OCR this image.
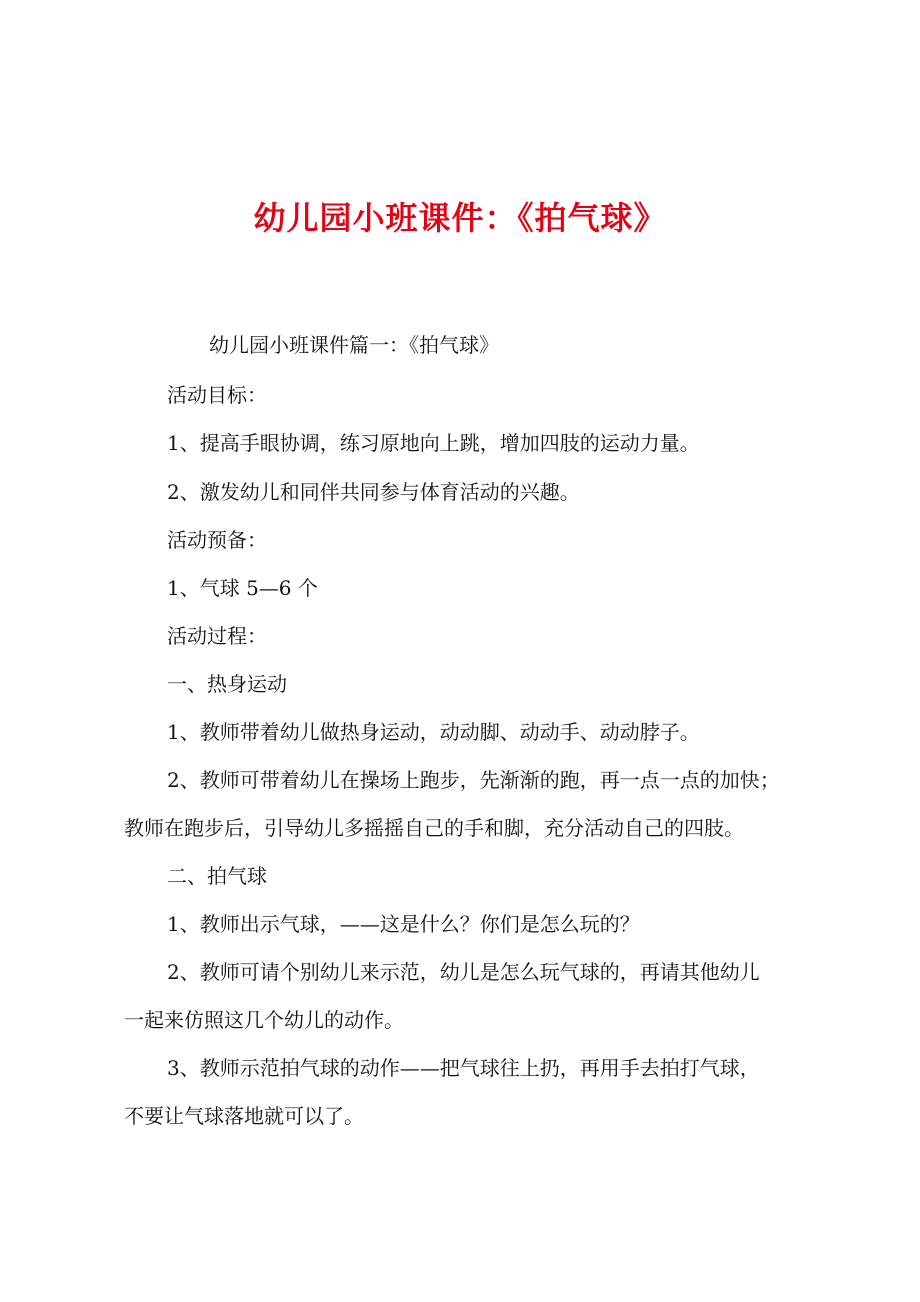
幼儿园小班课件：《拍气球》
幼儿园小班课件篇一：《拍气球》
活动目标：
1、提高手眼协调，练习原地向上跳，增加四肢的运动力量。
2、激发幼儿和同伴共同参与体育活动的兴趣。
活动预备：
1、气球 5—6 个
活动过程：
一、热身运动
1、教师带着幼儿做热身运动，动动脚、动动手、动动脖子。
2、教师可带着幼儿在操场上跑步，先渐渐的跑，再一点一点的加快；
教师在跑步后，引导幼儿多摇摇自己的手和脚，充分活动自己的四肢。
二、拍气球
1、教师出示气球，——这是什么？你们是怎么玩的？
2、教师可请个别幼儿来示范，幼儿是怎么玩气球的，再请其他幼儿
一起来仿照这几个幼儿的动作。
3、教师示范拍气球的动作——把气球往上扔，再用手去拍打气球，
不要让气球落地就可以了。
